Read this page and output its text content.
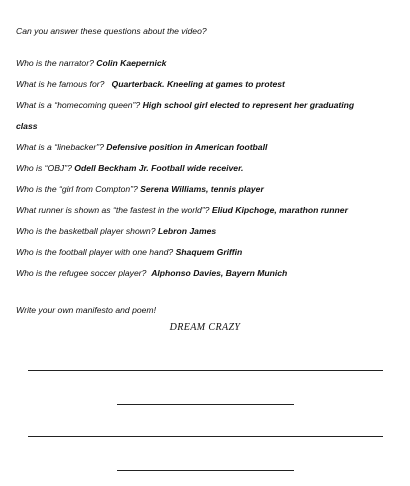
Can you answer these questions about the video?
Who is the narrator? Colin Kaepernick
What is he famous for? Quarterback. Kneeling at games to protest
What is a “homecoming queen”? High school girl elected to represent her graduating
class
What is a “linebacker”? Defensive position in American football
Who is “OBJ”? Odell Beckham Jr. Football wide receiver.
Who is the “girl from Compton”? Serena Williams, tennis player
What runner is shown as “the fastest in the world”? Eliud Kipchoge, marathon runner
Who is the basketball player shown? Lebron James
Who is the football player with one hand? Shaquem Griffin
Who is the refugee soccer player? Alphonso Davies, Bayern Munich
Write your own manifesto and poem!
DREAM CRAZY
